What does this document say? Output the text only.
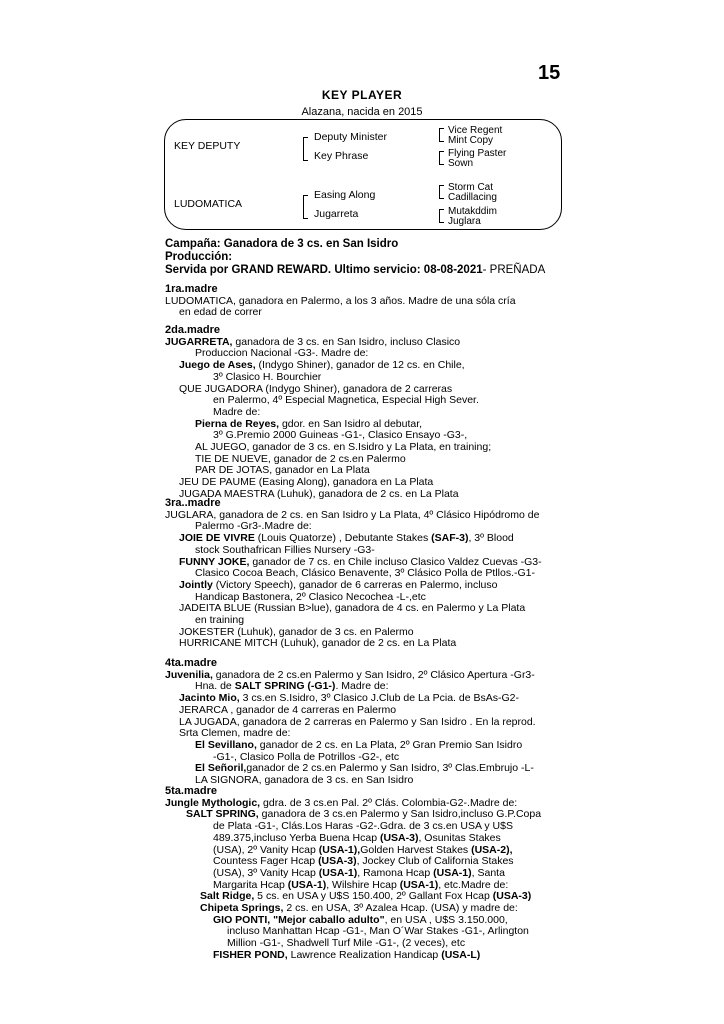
15
KEY PLAYER
Alazana, nacida en 2015
KEY DEPUTY
LUDOMATICA
Deputy Minister
Key Phrase
Easing Along
Jugarreta
Vice Regent
Mint Copy
Flying Paster
Sown
Storm Cat
Cadillacing
Mutakddim
Juglara
Campaña: Ganadora de 3 cs. en San Isidro
Producción:
Servida por GRAND REWARD. Ultimo servicio: 08-08-2021- PREÑADA
1ra.madre
LUDOMATICA, ganadora en Palermo, a los 3 años. Madre de una sóla cría
en edad de correr
2da.madre
JUGARRETA, ganadora de 3 cs. en San Isidro, incluso Clasico
Produccion Nacional -G3-. Madre de:
Juego de Ases, (Indygo Shiner), ganador de 12 cs. en Chile,
3º Clasico H. Bourchier
QUE JUGADORA (Indygo Shiner), ganadora de 2 carreras
en Palermo, 4º Especial Magnetica, Especial High Sever.
Madre de:
Pierna de Reyes, gdor. en San Isidro al debutar,
3º G.Premio 2000 Guineas -G1-, Clasico Ensayo -G3-,
AL JUEGO, ganador de 3 cs. en S.Isidro y La Plata, en training;
TIE DE NUEVE, ganador de 2 cs.en Palermo
PAR DE JOTAS, ganador en La Plata
JEU DE PAUME (Easing Along), ganadora en La Plata
JUGADA MAESTRA (Luhuk), ganadora de 2 cs. en La Plata
3ra..madre
JUGLARA, ganadora de 2 cs. en San Isidro y La Plata, 4º Clásico Hipódromo de
Palermo -Gr3-.Madre de:
JOIE DE VIVRE (Louis Quatorze) , Debutante Stakes (SAF-3), 3º Blood
stock Southafrican Fillies Nursery -G3-
FUNNY JOKE, ganador de 7 cs. en Chile incluso Clasico Valdez Cuevas -G3-
Clasico Cocoa Beach, Clásico Benavente, 3º Clásico Polla de Ptllos.-G1-
Jointly (Victory Speech), ganador de 6 carreras en Palermo, incluso
Handicap Bastonera, 2º Clasico Necochea -L-,etc
JADEITA BLUE (Russian B>lue), ganadora de 4 cs. en Palermo y La Plata
en training
JOKESTER (Luhuk), ganador de 3 cs. en Palermo
HURRICANE MITCH (Luhuk), ganador de 2 cs. en La Plata
4ta.madre
Juvenilia, ganadora de 2 cs.en Palermo y San Isidro, 2º Clásico Apertura -Gr3-
Hna. de SALT SPRING (-G1-). Madre de:
Jacinto Mio, 3 cs.en S.Isidro, 3º Clasico J.Club de La Pcia. de BsAs-G2-
JERARCA , ganador de 4 carreras en Palermo
LA JUGADA, ganadora de 2 carreras en Palermo y San Isidro . En la reprod.
Srta Clemen, madre de:
El Sevillano, ganador de 2 cs. en La Plata, 2º Gran Premio San Isidro
-G1-, Clasico Polla de Potrillos -G2-, etc
El Señoril,ganador de 2 cs.en Palermo y San Isidro, 3º Clas.Embrujo -L-
LA SIGNORA, ganadora de 3 cs. en San Isidro
5ta.madre
Jungle Mythologic, gdra. de 3 cs.en Pal. 2º Clás. Colombia-G2-.Madre de:
SALT SPRING, ganadora de 3 cs.en Palermo y San Isidro,incluso G.P.Copa
de Plata -G1-, Clás.Los Haras -G2-.Gdra. de 3 cs.en USA y U$S
489.375,incluso Yerba Buena Hcap (USA-3), Osunitas Stakes
(USA), 2º Vanity Hcap (USA-1),Golden Harvest Stakes (USA-2),
Countess Fager Hcap (USA-3), Jockey Club of California Stakes
(USA), 3º Vanity Hcap (USA-1), Ramona Hcap (USA-1), Santa
Margarita Hcap (USA-1), Wilshire Hcap (USA-1), etc.Madre de:
Salt Ridge, 5 cs. en USA y U$S 150.400, 2º Gallant Fox Hcap (USA-3)
Chipeta Springs, 2 cs. en USA, 3º Azalea Hcap. (USA) y madre de:
GIO PONTI, "Mejor caballo adulto", en USA , U$S 3.150.000,
incluso Manhattan Hcap -G1-, Man O´War Stakes -G1-, Arlington
Million -G1-, Shadwell Turf Mile -G1-, (2 veces), etc
FISHER POND, Lawrence Realization Handicap (USA-L)
